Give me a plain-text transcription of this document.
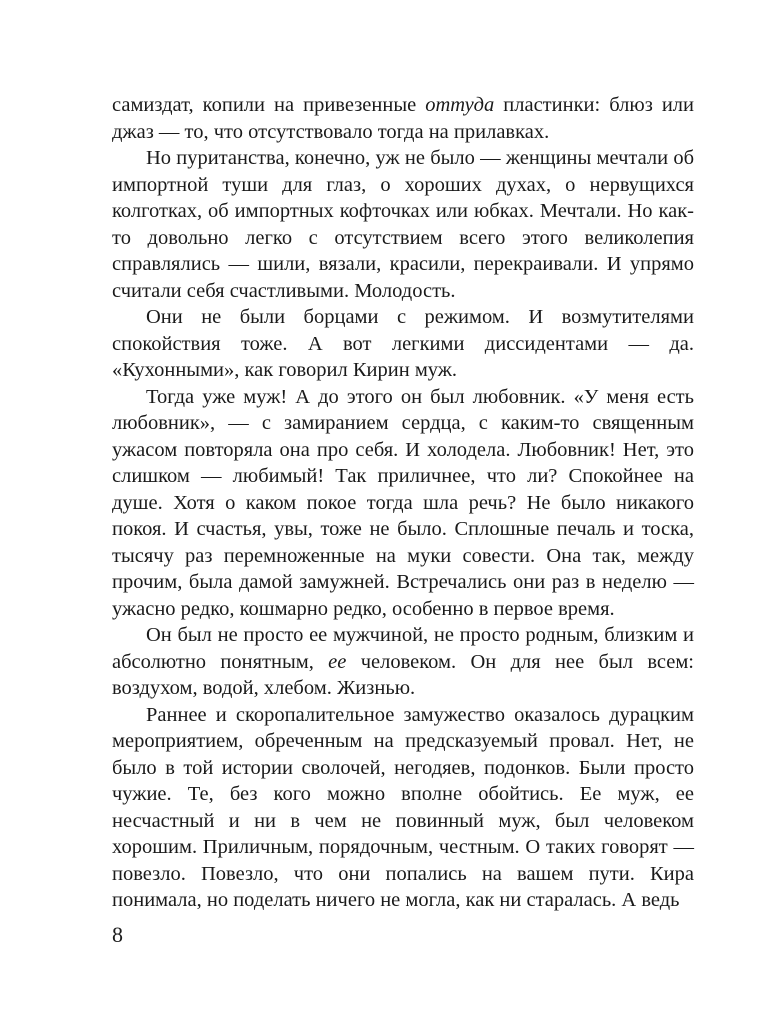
самиздат, копили на привезенные оттуда пластинки: блюз или джаз — то, что отсутствовало тогда на прилавках.

Но пуританства, конечно, уж не было — женщины мечтали об импортной туши для глаз, о хороших духах, о нервущихся колготках, об импортных кофточках или юбках. Мечтали. Но как-то довольно легко с отсутствием всего этого великолепия справлялись — шили, вязали, красили, перекраивали. И упрямо считали себя счастливыми. Молодость.

Они не были борцами с режимом. И возмутителями спокойствия тоже. А вот легкими диссидентами — да. «Кухонными», как говорил Кирин муж.

Тогда уже муж! А до этого он был любовник. «У меня есть любовник», — с замиранием сердца, с каким-то священным ужасом повторяла она про себя. И холодела. Любовник! Нет, это слишком — любимый! Так приличнее, что ли? Спокойнее на душе. Хотя о каком покое тогда шла речь? Не было никакого покоя. И счастья, увы, тоже не было. Сплошные печаль и тоска, тысячу раз перемноженные на муки совести. Она так, между прочим, была дамой замужней. Встречались они раз в неделю — ужасно редко, кошмарно редко, особенно в первое время.

Он был не просто ее мужчиной, не просто родным, близким и абсолютно понятным, ее человеком. Он для нее был всем: воздухом, водой, хлебом. Жизнью.

Раннее и скоропалительное замужество оказалось дурацким мероприятием, обреченным на предсказуемый провал. Нет, не было в той истории сволочей, негодяев, подонков. Были просто чужие. Те, без кого можно вполне обойтись. Ее муж, ее несчастный и ни в чем не повинный муж, был человеком хорошим. Приличным, порядочным, честным. О таких говорят — повезло. Повезло, что они попались на вашем пути. Кира понимала, но поделать ничего не могла, как ни старалась. А ведь

8
